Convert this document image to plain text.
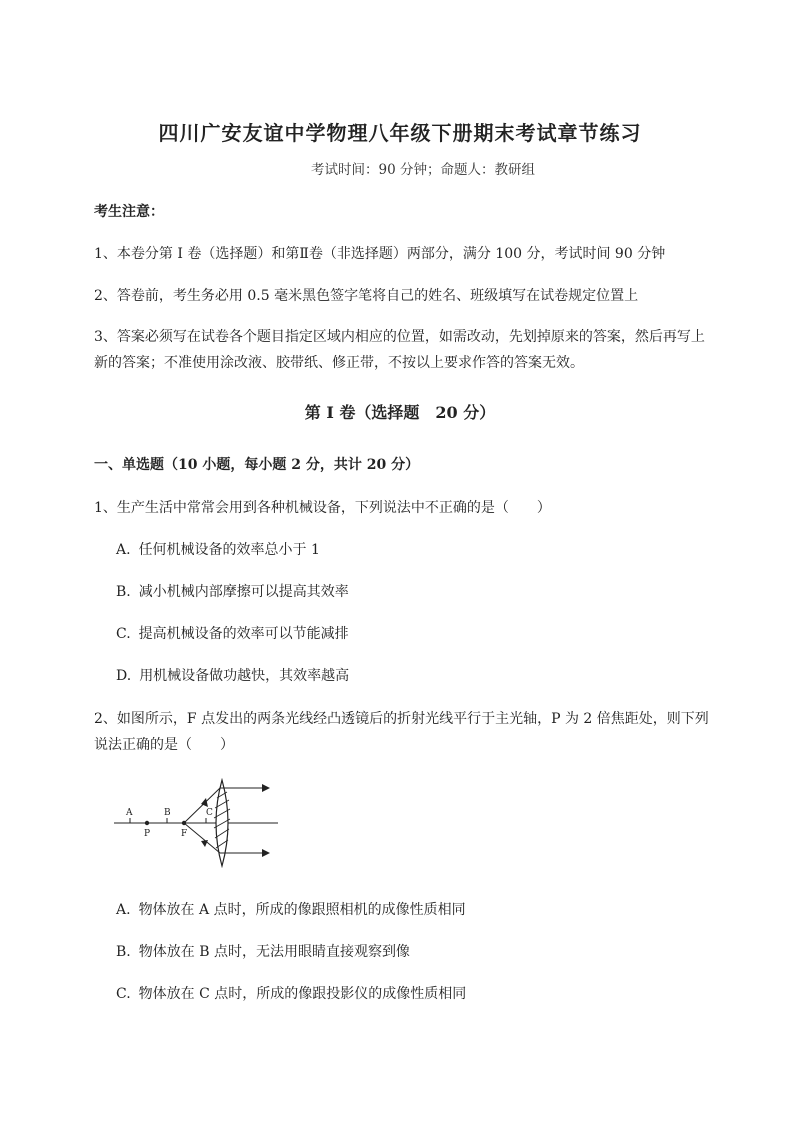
四川广安友谊中学物理八年级下册期末考试章节练习
考试时间：90 分钟；命题人：教研组
考生注意：
1、本卷分第 I 卷（选择题）和第Ⅱ卷（非选择题）两部分，满分 100 分，考试时间 90 分钟
2、答卷前，考生务必用 0.5 毫米黑色签字笔将自己的姓名、班级填写在试卷规定位置上
3、答案必须写在试卷各个题目指定区域内相应的位置，如需改动，先划掉原来的答案，然后再写上新的答案；不准使用涂改液、胶带纸、修正带，不按以上要求作答的答案无效。
第 I 卷（选择题　20 分）
一、单选题（10 小题，每小题 2 分，共计 20 分）
1、生产生活中常常会用到各种机械设备，下列说法中不正确的是（　　）
A. 任何机械设备的效率总小于 1
B. 减小机械内部摩擦可以提高其效率
C. 提高机械设备的效率可以节能减排
D. 用机械设备做功越快，其效率越高
2、如图所示，F 点发出的两条光线经凸透镜后的折射光线平行于主光轴，P 为 2 倍焦距处，则下列说法正确的是（　　）
A	B	C
P	F
A. 物体放在 A 点时，所成的像跟照相机的成像性质相同
B. 物体放在 B 点时，无法用眼睛直接观察到像
C. 物体放在 C 点时，所成的像跟投影仪的成像性质相同
